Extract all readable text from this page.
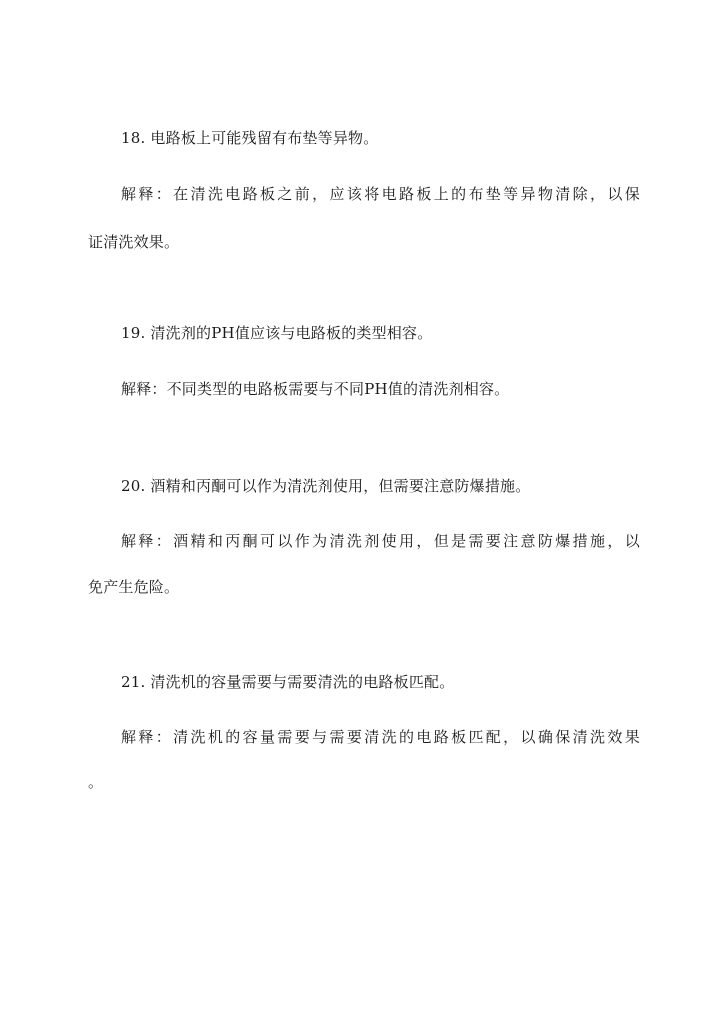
18. 电路板上可能残留有布垫等异物。
解释：在清洗电路板之前，应该将电路板上的布垫等异物清除，以保
证清洗效果。
19. 清洗剂的PH值应该与电路板的类型相容。
解释：不同类型的电路板需要与不同PH值的清洗剂相容。
20. 酒精和丙酮可以作为清洗剂使用，但需要注意防爆措施。
解释：酒精和丙酮可以作为清洗剂使用，但是需要注意防爆措施，以
免产生危险。
21. 清洗机的容量需要与需要清洗的电路板匹配。
解释：清洗机的容量需要与需要清洗的电路板匹配，以确保清洗效果
。
